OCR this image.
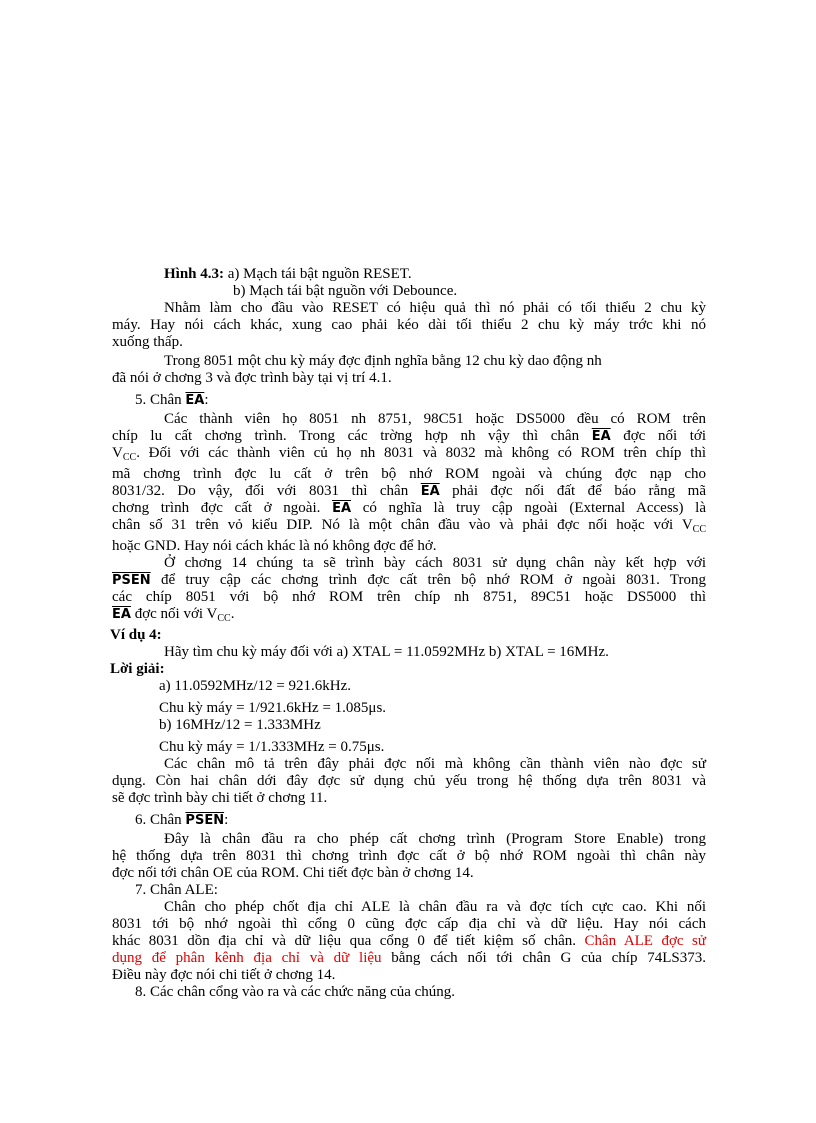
Hình 4.3: a) Mạch tái bật nguồn RESET.

b) Mạch tái bật nguồn với Debounce.

Nhằm làm cho đầu vào RESET có hiệu quả thì nó phải có tối thiểu 2 chu kỳ

máy. Hay nói cách khác, xung cao phải kéo dài tối thiểu 2 chu kỳ máy trớc khi nó

xuống thấp.

Trong 8051 một chu kỳ máy đợc định nghĩa bằng 12 chu kỳ dao động nh

đã nói ở chơng 3 và đợc trình bày tại vị trí 4.1.

5. Chân $\overline{EA}$:

Các thành viên họ 8051 nh 8751, 98C51 hoặc DS5000 đều có ROM trên

chíp lu cất chơng trình. Trong các trờng hợp nh vậy thì chân $\overline{EA}$ đợc nối tới

$V_{CC}$. Đối với các thành viên củ họ nh 8031 và 8032 mà không có ROM trên chíp thì

mã chơng trình đợc lu cất ở trên bộ nhớ ROM ngoài và chúng đợc nạp cho

8031/32. Do vậy, đối với 8031 thì chân $\overline{EA}$ phải đợc nối đất để báo rằng mã

chơng trình đợc cất ở ngoài. $\overline{EA}$ có nghĩa là truy cập ngoài (External Access) là

chân số 31 trên vỏ kiểu DIP. Nó là một chân đầu vào và phải đợc nối hoặc với $V_{CC}$

hoặc GND. Hay nói cách khác là nó không đợc để hở.

Ở chơng 14 chúng ta sẽ trình bày cách 8031 sử dụng chân này kết hợp với

PSEN để truy cập các chơng trình đợc cất trên bộ nhớ ROM ở ngoài 8031. Trong

các chíp 8051 với bộ nhớ ROM trên chíp nh 8751, 89C51 hoặc DS5000 thì

$\overline{EA}$ đợc nối với $V_{CC}$.

Ví dụ 4:

Hãy tìm chu kỳ máy đối với a) XTAL = 11.0592MHz b) XTAL = 16MHz.

Lời giải:

a) 11.0592MHz/12 = 921.6kHz.

Chu kỳ máy = 1/921.6kHz = 1.085μs.

b) 16MHz/12 = 1.333MHz

Chu kỳ máy = 1/1.333MHz = 0.75μs.

Các chân mô tả trên đây phải đợc nối mà không cần thành viên nào đợc sử

dụng. Còn hai chân dới đây đợc sử dụng chủ yếu trong hệ thống dựa trên 8031 và

sẽ đợc trình bày chi tiết ở chơng 11.

6. Chân PSEN:

Đây là chân đầu ra cho phép cất chơng trình (Program Store Enable) trong

hệ thống dựa trên 8031 thì chơng trình đợc cất ở bộ nhớ ROM ngoài thì chân này

đợc nối tới chân OE của ROM. Chi tiết đợc bàn ở chơng 14.

7. Chân ALE:

Chân cho phép chốt địa chỉ ALE là chân đầu ra và đợc tích cực cao. Khi nối

8031 tới bộ nhớ ngoài thì cổng 0 cũng đợc cấp địa chỉ và dữ liệu. Hay nói cách

khác 8031 dồn địa chỉ và dữ liệu qua cổng 0 để tiết kiệm số chân. Chân ALE đợc sử

dụng để phân kênh địa chỉ và dữ liệu bằng cách nối tới chân G của chíp 74LS373.

Điều này đợc nói chi tiết ở chơng 14.

8. Các chân cổng vào ra và các chức năng của chúng.
